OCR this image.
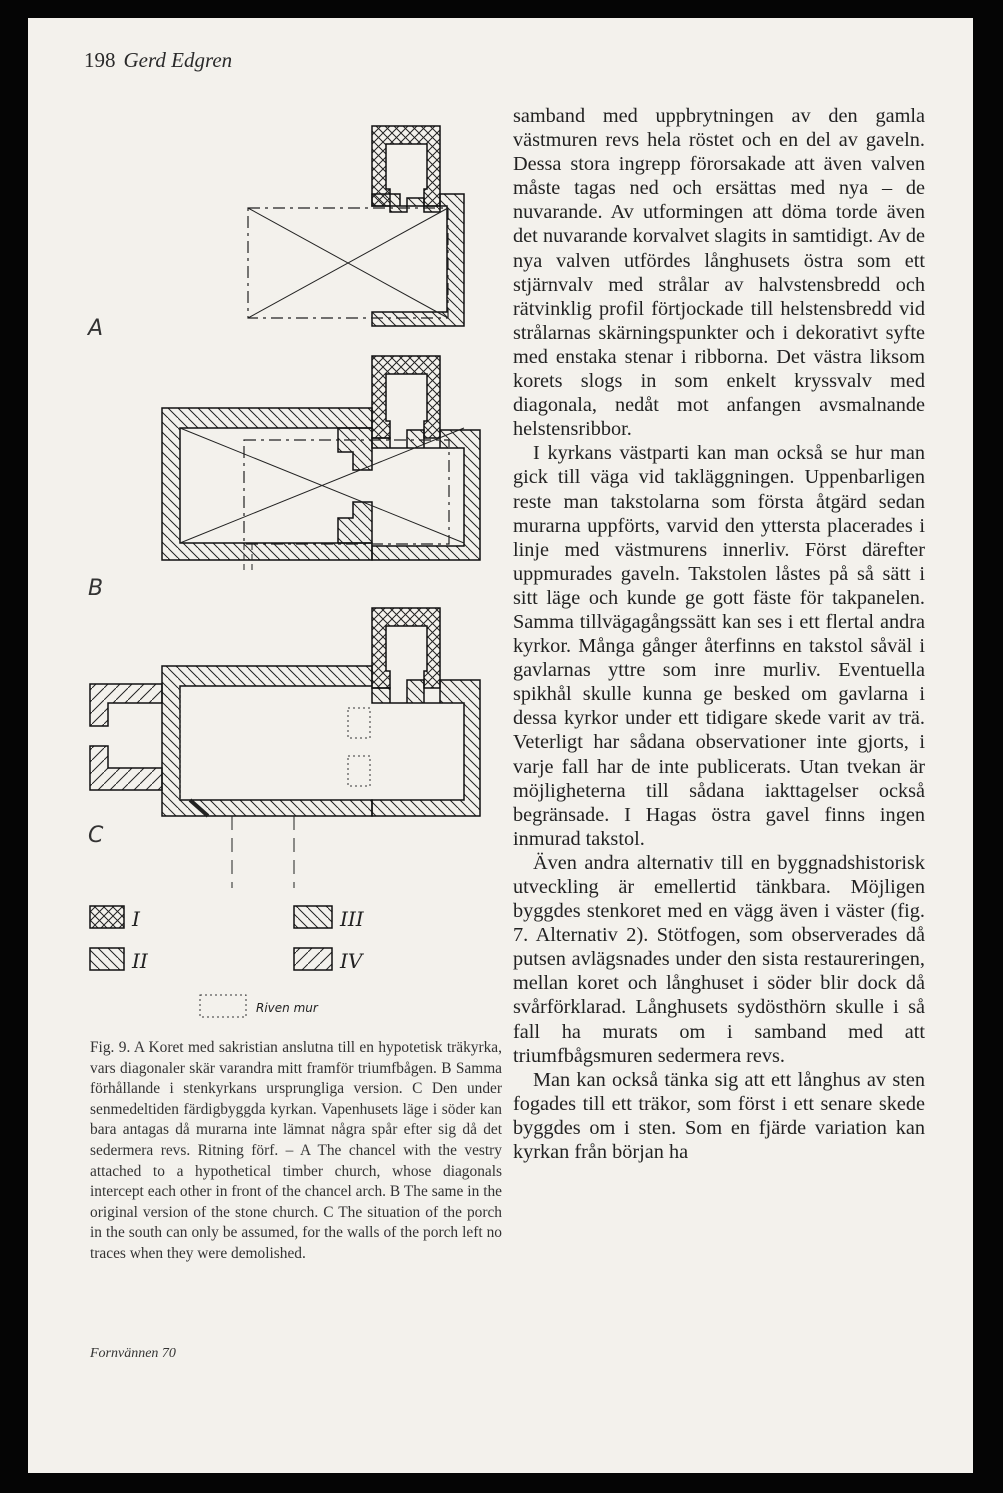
198 Gerd Edgren
I
II
III
IV
Riven mur
A
B
C
Fig. 9. A Koret med sakristian anslutna till en hypotetisk träkyrka, vars diagonaler skär varandra mitt framför triumfbågen. B Samma förhållande i stenkyrkans ursprungliga version. C Den under senmedeltiden färdigbyggda kyrkan. Vapenhusets läge i söder kan bara antagas då murarna inte lämnat några spår efter sig då det sedermera revs. Ritning förf. – A The chancel with the vestry attached to a hypothetical timber church, whose diagonals intercept each other in front of the chancel arch. B The same in the original version of the stone church. C The situation of the porch in the south can only be assumed, for the walls of the porch left no traces when they were demolished.

samband med uppbrytningen av den gamla västmuren revs hela röstet och en del av gaveln. Dessa stora ingrepp förorsakade att även valven måste tagas ned och ersättas med nya – de nuvarande. Av utformingen att döma torde även det nuvarande korvalvet slagits in samtidigt. Av de nya valven utfördes långhusets östra som ett stjärnvalv med strålar av halvstensbredd och rätvinklig profil förtjockade till helstensbredd vid strålarnas skärningspunkter och i dekorativt syfte med enstaka stenar i ribborna. Det västra liksom korets slogs in som enkelt kryssvalv med diagonala, nedåt mot anfangen avsmalnande helstensribbor.

I kyrkans västparti kan man också se hur man gick till väga vid takläggningen. Uppenbarligen reste man takstolarna som första åtgärd sedan murarna uppförts, varvid den yttersta placerades i linje med västmurens innerliv. Först därefter uppmurades gaveln. Takstolen låstes på så sätt i sitt läge och kunde ge gott fäste för takpanelen. Samma tillvägagångssätt kan ses i ett flertal andra kyrkor. Många gånger återfinns en takstol såväl i gavlarnas yttre som inre murliv. Eventuella spikhål skulle kunna ge besked om gavlarna i dessa kyrkor under ett tidigare skede varit av trä. Veterligt har sådana observationer inte gjorts, i varje fall har de inte publicerats. Utan tvekan är möjligheterna till sådana iakttagelser också begränsade. I Hagas östra gavel finns ingen inmurad takstol.

Även andra alternativ till en byggnadshistorisk utveckling är emellertid tänkbara. Möjligen byggdes stenkoret med en vägg även i väster (fig. 7. Alternativ 2). Stötfogen, som observerades då putsen avlägsnades under den sista restaureringen, mellan koret och långhuset i söder blir dock då svårförklarad. Långhusets sydösthörn skulle i så fall ha murats om i samband med att triumfbågsmuren sedermera revs.

Man kan också tänka sig att ett långhus av sten fogades till ett träkor, som först i ett senare skede byggdes om i sten. Som en fjärde variation kan kyrkan från början ha

Fornvännen 70
